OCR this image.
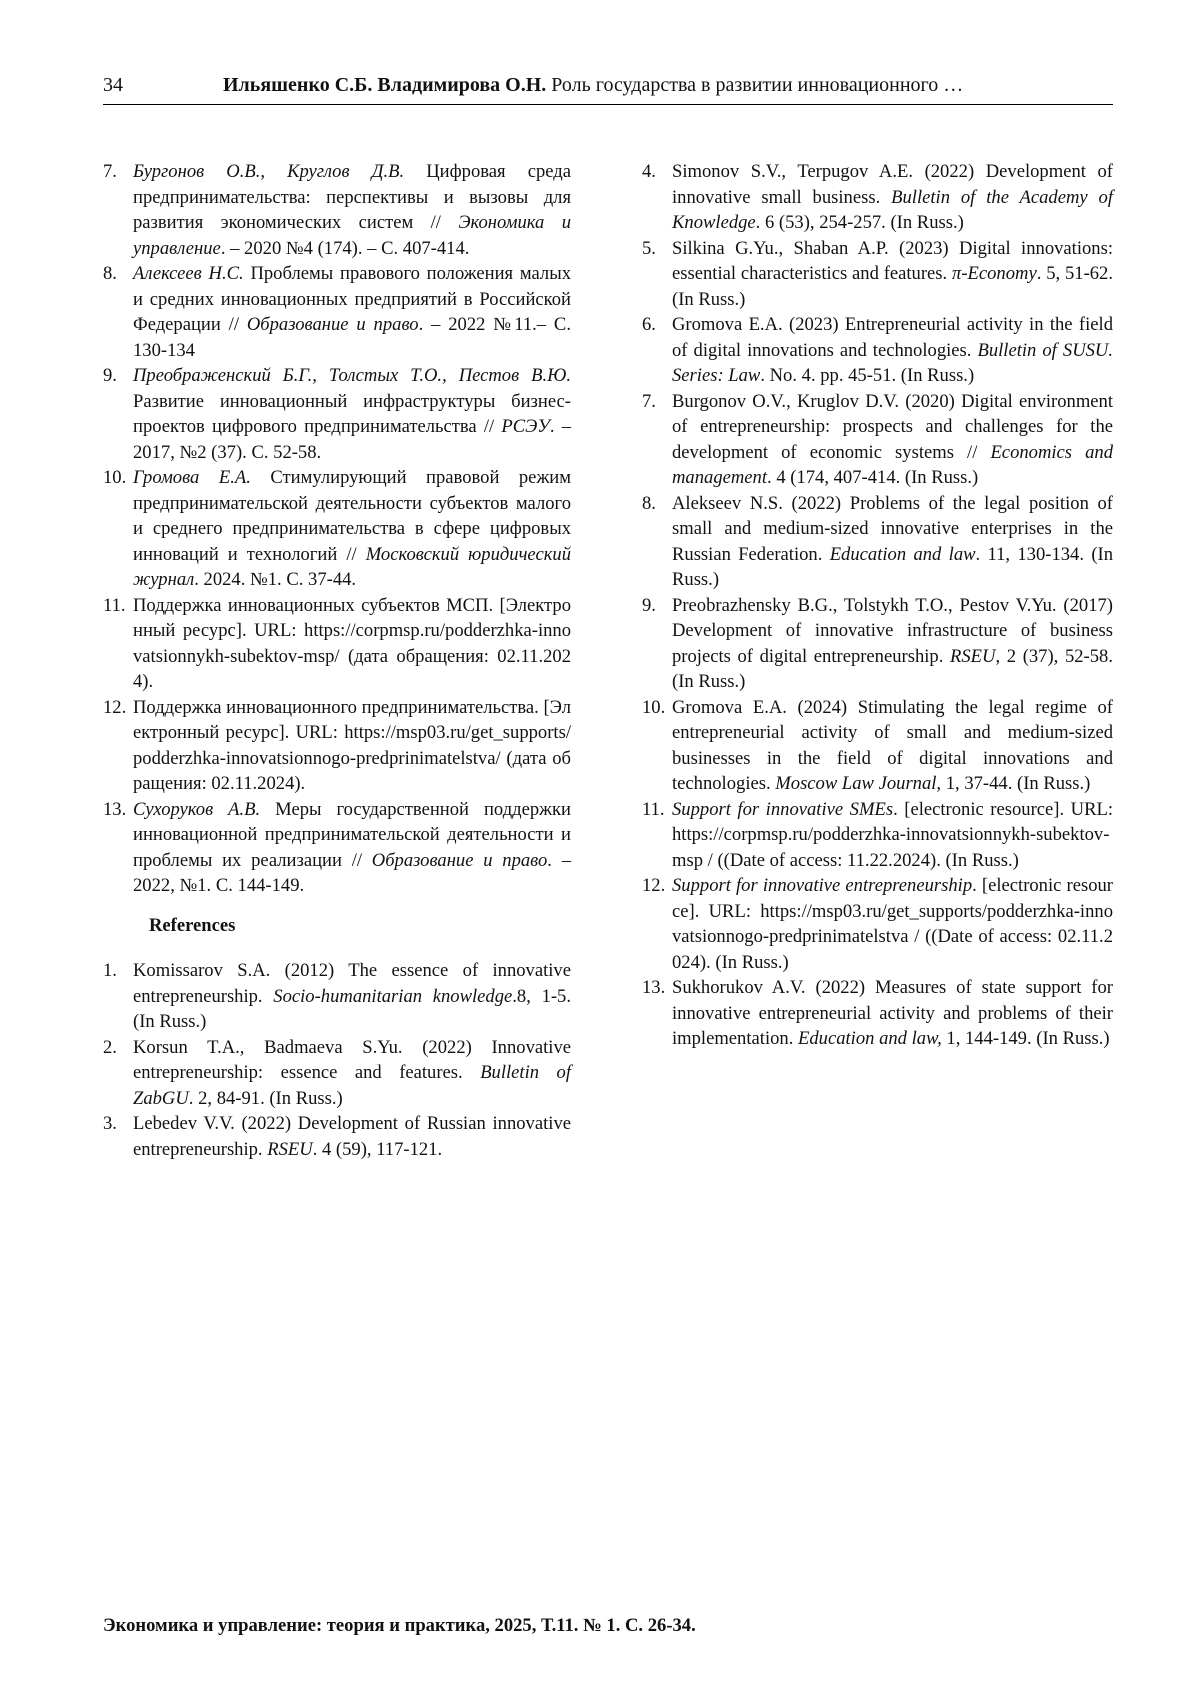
34	Ильяшенко С.Б. Владимирова О.Н. Роль государства в развитии инновационного …
7. Бургонов О.В., Круглов Д.В. Цифровая среда предпринимательства: перспективы и вызовы для развития экономических систем // Экономика и управление. – 2020 №4 (174). – С. 407-414.
8. Алексеев Н.С. Проблемы правового положения малых и средних инновационных предприятий в Российской Федерации // Образование и право. – 2022 №11.– С. 130-134
9. Преображенский Б.Г., Толстых Т.О., Пестов В.Ю. Развитие инновационный инфраструктуры бизнес-проектов цифрового предпринимательства // РСЭУ. – 2017, №2 (37). С. 52-58.
10. Громова Е.А. Стимулирующий правовой режим предпринимательской деятельности субъектов малого и среднего предпринимательства в сфере цифровых инноваций и технологий // Московский юридический журнал. 2024. №1. С. 37-44.
11. Поддержка инновационных субъектов МСП. [Электронный ресурс]. URL: https://corpmsp.ru/podderzhka-innovatsionnykh-subektov-msp/ (дата обращения: 02.11.2024).
12. Поддержка инновационного предпринимательства. [Электронный ресурс]. URL: https://msp03.ru/get_supports/podderzhka-innovatsionnogo-predprinimatelstva/ (дата обращения: 02.11.2024).
13. Сухоруков А.В. Меры государственной поддержки инновационной предпринимательской деятельности и проблемы их реализации // Образование и право. – 2022, №1. С. 144-149.
References
1. Komissarov S.A. (2012) The essence of innovative entrepreneurship. Socio-humanitarian knowledge.8, 1-5. (In Russ.)
2. Korsun T.A., Badmaeva S.Yu. (2022) Innovative entrepreneurship: essence and features. Bulletin of ZabGU. 2, 84-91. (In Russ.)
3. Lebedev V.V. (2022) Development of Russian innovative entrepreneurship. RSEU. 4 (59), 117-121.
4. Simonov S.V., Terpugov A.E. (2022) Development of innovative small business. Bulletin of the Academy of Knowledge. 6 (53), 254-257. (In Russ.)
5. Silkina G.Yu., Shaban A.P. (2023) Digital innovations: essential characteristics and features. π-Economy. 5, 51-62. (In Russ.)
6. Gromova E.A. (2023) Entrepreneurial activity in the field of digital innovations and technologies. Bulletin of SUSU. Series: Law. No. 4. pp. 45-51. (In Russ.)
7. Burgonov O.V., Kruglov D.V. (2020) Digital environment of entrepreneurship: prospects and challenges for the development of economic systems // Economics and management. 4 (174, 407-414. (In Russ.)
8. Alekseev N.S. (2022) Problems of the legal position of small and medium-sized innovative enterprises in the Russian Federation. Education and law. 11, 130-134. (In Russ.)
9. Preobrazhensky B.G., Tolstykh T.O., Pestov V.Yu. (2017) Development of innovative infrastructure of business projects of digital entrepreneurship. RSEU, 2 (37), 52-58. (In Russ.)
10. Gromova E.A. (2024) Stimulating the legal regime of entrepreneurial activity of small and medium-sized businesses in the field of digital innovations and technologies. Moscow Law Journal, 1, 37-44. (In Russ.)
11. Support for innovative SMEs. [electronic resource]. URL: https://corpmsp.ru/podderzhka-innovatsionnykh-subektov-msp / ((Date of access: 11.22.2024). (In Russ.)
12. Support for innovative entrepreneurship. [electronic resource]. URL: https://msp03.ru/get_supports/podderzhka-innovatsionnogo-predprinimatelstva / ((Date of access: 02.11.2024). (In Russ.)
13. Sukhorukov A.V. (2022) Measures of state support for innovative entrepreneurial activity and problems of their implementation. Education and law, 1, 144-149. (In Russ.)
Экономика и управление: теория и практика, 2025, Т.11. № 1. С. 26-34.
